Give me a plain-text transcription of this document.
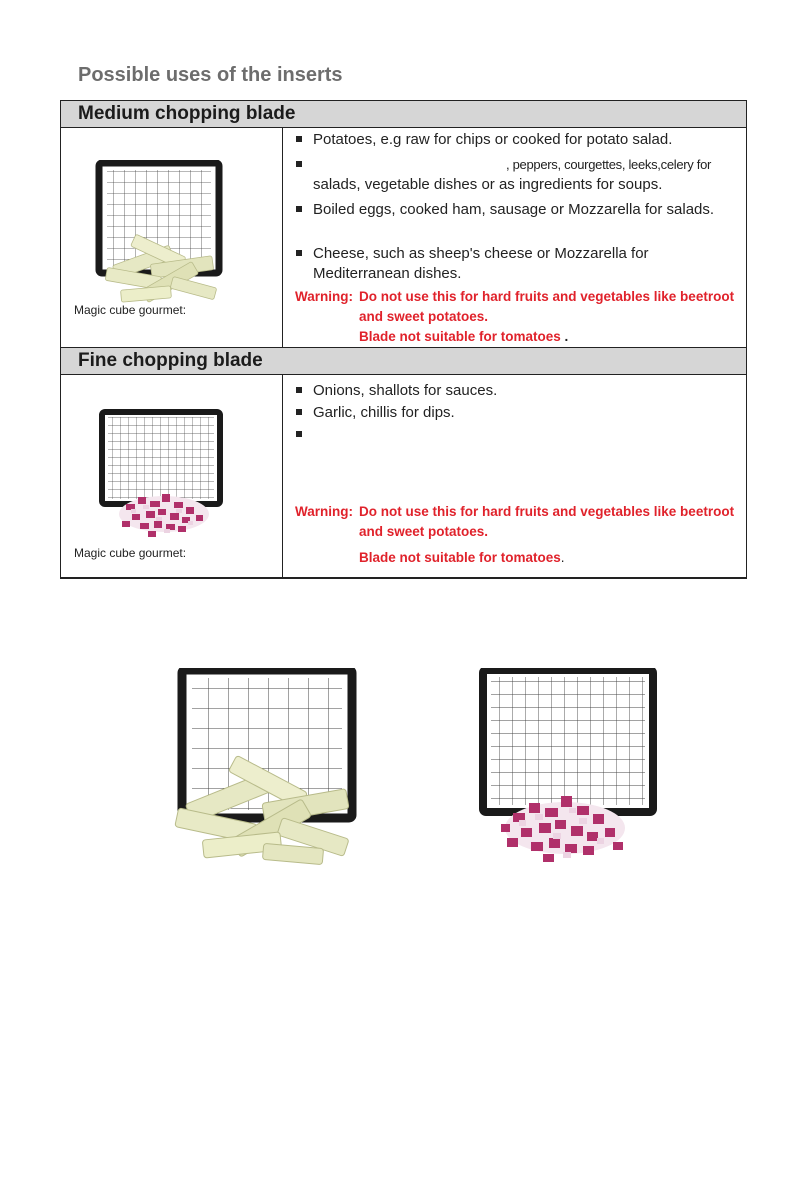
Possible uses of the inserts
Medium chopping blade
Magic cube gourmet:
Potatoes, e.g raw for chips or cooked for potato salad.
, peppers, courgettes, leeks,celery for
salads, vegetable dishes or as ingredients for soups.
Boiled eggs, cooked ham, sausage or Mozzarella for salads.
Cheese, such as sheep's cheese or Mozzarella for Mediterranean dishes.
Warning: Do not use this for hard fruits and vegetables like beetroot and sweet potatoes.
Blade not suitable for tomatoes .
Fine chopping blade
Magic cube gourmet:
Onions, shallots for sauces.
Garlic, chillis for dips.
Warning: Do not use this for hard fruits and vegetables like beetroot and sweet potatoes.
Blade not suitable for tomatoes.
